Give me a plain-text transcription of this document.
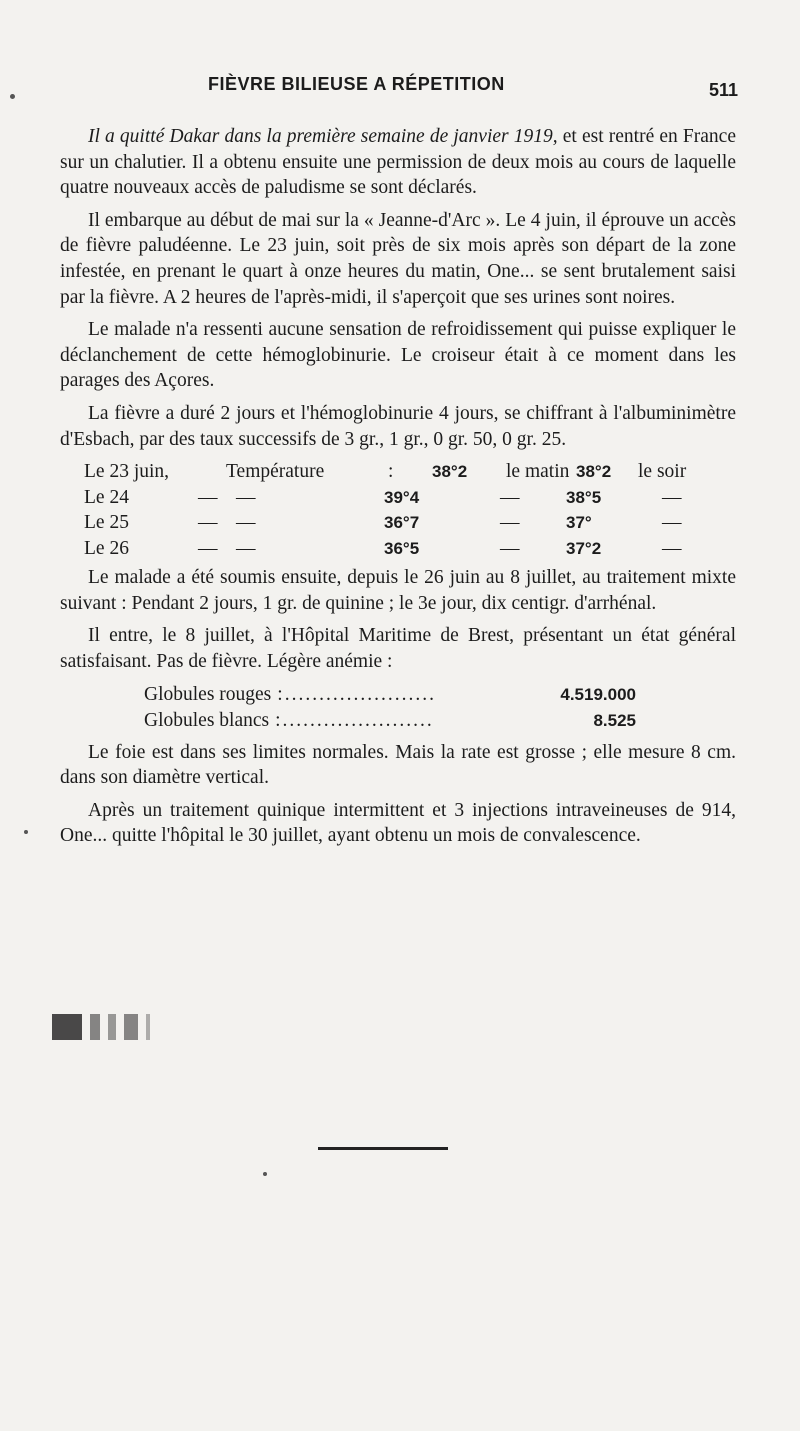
FIÈVRE BILIEUSE A RÉPETITION	511

Il a quitté Dakar dans la première semaine de janvier 1919, et est rentré en France sur un chalutier. Il a obtenu ensuite une permission de deux mois au cours de laquelle quatre nouveaux accès de paludisme se sont déclarés.

Il embarque au début de mai sur la « Jeanne-d'Arc ». Le 4 juin, il éprouve un accès de fièvre paludéenne. Le 23 juin, soit près de six mois après son départ de la zone infestée, en prenant le quart à onze heures du matin, One... se sent brutalement saisi par la fièvre. A 2 heures de l'après-midi, il s'aperçoit que ses urines sont noires.

Le malade n'a ressenti aucune sensation de refroidissement qui puisse expliquer le déclanchement de cette hémoglobinurie. Le croiseur était à ce moment dans les parages des Açores.

La fièvre a duré 2 jours et l'hémoglobinurie 4 jours, se chiffrant à l'albuminimètre d'Esbach, par des taux successifs de 3 gr., 1 gr., 0 gr. 50, 0 gr. 25.

Le 23 juin,	Température	:	38°2	le matin 38°2	le soir
Le 24	— —	39°4	—	38°5	—
Le 25	— —	36°7	—	37°	—
Le 26	— —	36°5	—	37°2	—

Le malade a été soumis ensuite, depuis le 26 juin au 8 juillet, au traitement mixte suivant : Pendant 2 jours, 1 gr. de quinine ; le 3e jour, dix centigr. d'arrhénal.

Il entre, le 8 juillet, à l'Hôpital Maritime de Brest, présentant un état général satisfaisant. Pas de fièvre. Légère anémie :

Globules rouges :......................	4.519.000
Globules blancs :......................	8.525

Le foie est dans ses limites normales. Mais la rate est grosse ; elle mesure 8 cm. dans son diamètre vertical.

Après un traitement quinique intermittent et 3 injections intraveineuses de 914, One... quitte l'hôpital le 30 juillet, ayant obtenu un mois de convalescence.
